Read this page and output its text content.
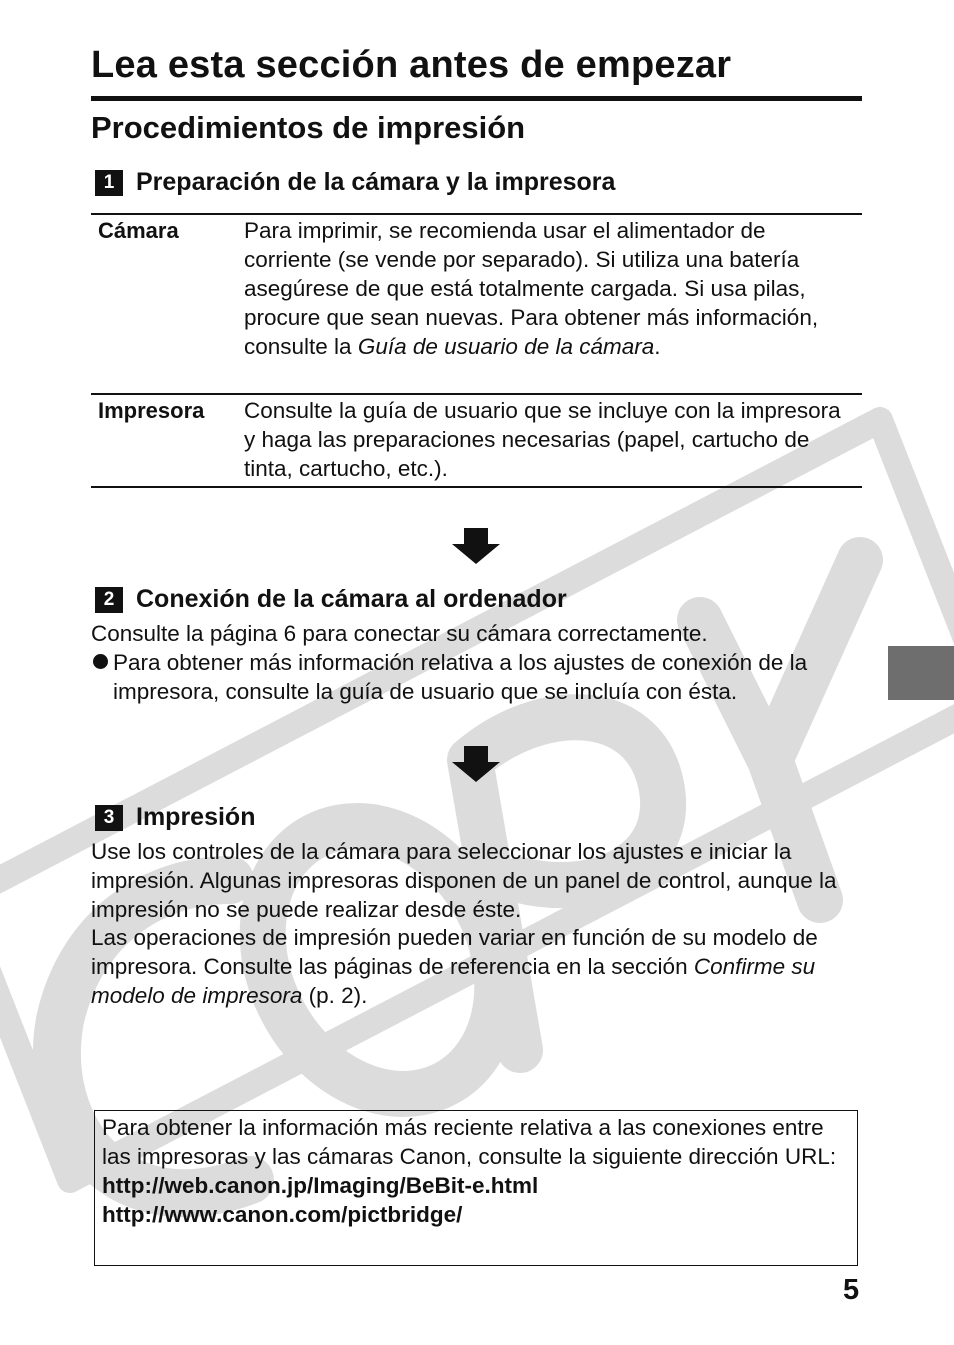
Lea esta sección antes de empezar
Procedimientos de impresión
1 Preparación de la cámara y la impresora
Cámara	Para imprimir, se recomienda usar el alimentador de corriente (se vende por separado). Si utiliza una batería asegúrese de que está totalmente cargada. Si usa pilas, procure que sean nuevas. Para obtener más información, consulte la Guía de usuario de la cámara.
Impresora Consulte la guía de usuario que se incluye con la impresora y haga las preparaciones necesarias (papel, cartucho de tinta, cartucho, etc.).
2 Conexión de la cámara al ordenador
Consulte la página 6 para conectar su cámara correctamente.
Para obtener más información relativa a los ajustes de conexión de la impresora, consulte la guía de usuario que se incluía con ésta.
3 Impresión
Use los controles de la cámara para seleccionar los ajustes e iniciar la impresión. Algunas impresoras disponen de un panel de control, aunque la impresión no se puede realizar desde éste.
Las operaciones de impresión pueden variar en función de su modelo de impresora. Consulte las páginas de referencia en la sección Confirme su modelo de impresora (p. 2).
Para obtener la información más reciente relativa a las conexiones entre las impresoras y las cámaras Canon, consulte la siguiente dirección URL:
http://web.canon.jp/Imaging/BeBit-e.html
http://www.canon.com/pictbridge/
5
